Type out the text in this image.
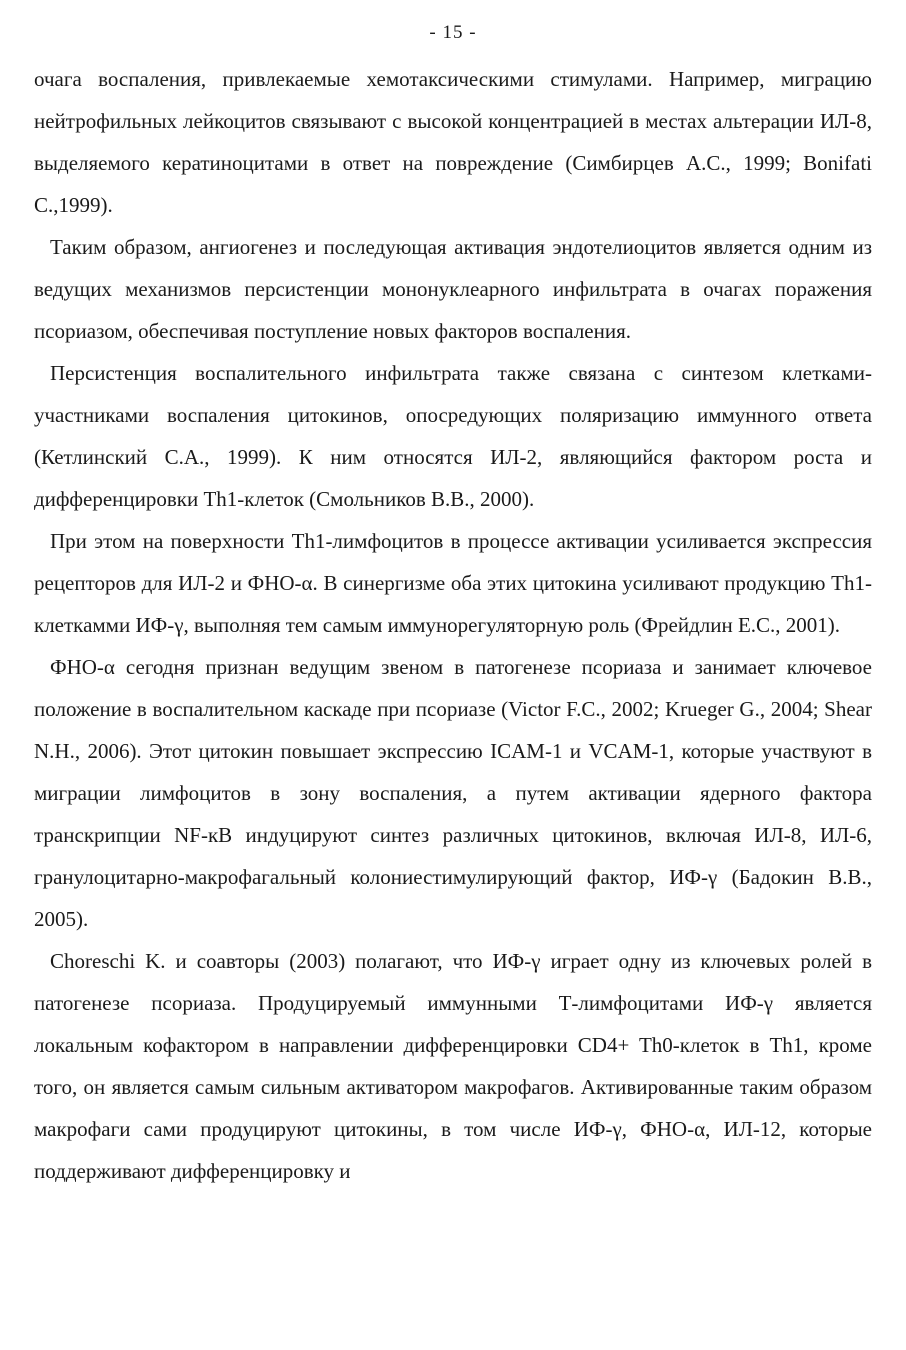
- 15 -

очага воспаления, привлекаемые хемотаксическими стимулами. Например, миграцию нейтрофильных лейкоцитов связывают с высокой концентрацией в местах альтерации ИЛ-8, выделяемого кератиноцитами в ответ на повреждение (Симбирцев А.С., 1999; Bonifati C.,1999).

Таким образом, ангиогенез и последующая активация эндотелиоцитов является одним из ведущих механизмов персистенции мононуклеарного инфильтрата в очагах поражения псориазом, обеспечивая поступление новых факторов воспаления.

Персистенция воспалительного инфильтрата также связана с синтезом клетками-участниками воспаления цитокинов, опосредующих поляризацию иммунного ответа (Кетлинский С.А., 1999). К ним относятся ИЛ-2, являющийся фактором роста и дифференцировки Th1-клеток (Смольников В.В., 2000).

При этом на поверхности Th1-лимфоцитов в процессе активации усиливается экспрессия рецепторов для ИЛ-2 и ФНО-α. В синергизме оба этих цитокина усиливают продукцию Th1-клеткамми ИФ-γ, выполняя тем самым иммунорегуляторную роль (Фрейдлин Е.С., 2001).

ФНО-α сегодня признан ведущим звеном в патогенезе псориаза и занимает ключевое положение в воспалительном каскаде при псориазе (Victor F.C., 2002; Krueger G., 2004; Shear N.H., 2006). Этот цитокин повышает экспрессию ICAM-1 и VCAM-1, которые участвуют в миграции лимфоцитов в зону воспаления, а путем активации ядерного фактора транскрипции NF-кВ индуцируют синтез различных цитокинов, включая ИЛ-8, ИЛ-6, гранулоцитарно-макрофагальный колониестимулирующий фактор, ИФ-γ (Бадокин В.В., 2005).

Choreschi K. и соавторы (2003) полагают, что ИФ-γ играет одну из ключевых ролей в патогенезе псориаза. Продуцируемый иммунными Т-лимфоцитами ИФ-γ является локальным кофактором в направлении дифференцировки CD4+ Th0-клеток в Th1, кроме того, он является самым сильным активатором макрофагов. Активированные таким образом макрофаги сами продуцируют цитокины, в том числе ИФ-γ, ФНО-α, ИЛ-12, которые поддерживают дифференцировку и
